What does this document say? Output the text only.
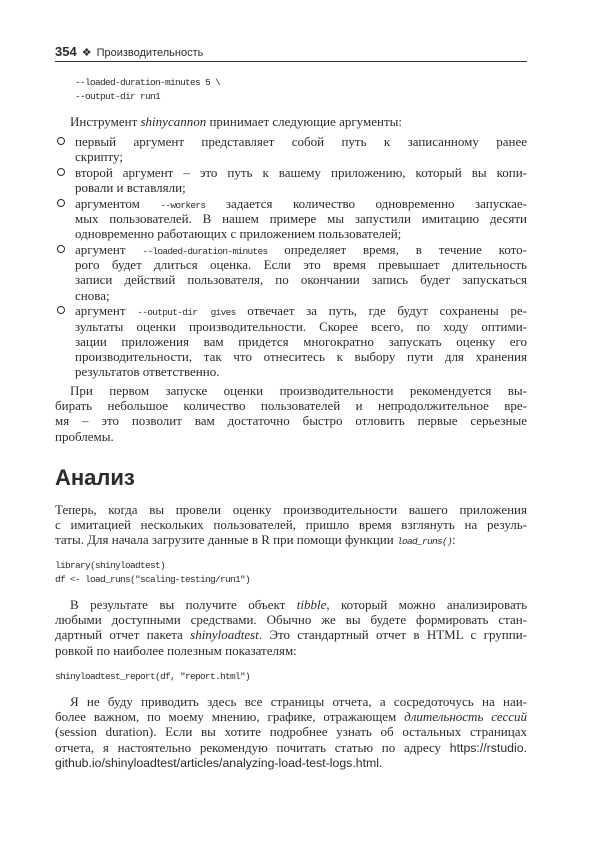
354 ❖ Производительность
--loaded-duration-minutes 5 \
--output-dir run1
Инструмент shinycannon принимает следующие аргументы:
первый аргумент представляет собой путь к записанному ранее
скрипту;
второй аргумент – это путь к вашему приложению, который вы копи-
ровали и вставляли;
аргументом --workers задается количество одновременно запускае-
мых пользователей. В нашем примере мы запустили имитацию десяти
одновременно работающих с приложением пользователей;
аргумент --loaded-duration-minutes определяет время, в течение кото-
рого будет длиться оценка. Если это время превышает длительность
записи действий пользователя, по окончании запись будет запускаться
снова;
аргумент --output-dir gives отвечает за путь, где будут сохранены ре-
зультаты оценки производительности. Скорее всего, по ходу оптими-
зации приложения вам придется многократно запускать оценку его
производительности, так что отнеситесь к выбору пути для хранения
результатов ответственно.
При первом запуске оценки производительности рекомендуется вы-
бирать небольшое количество пользователей и непродолжительное вре-
мя – это позволит вам достаточно быстро отловить первые серьезные
проблемы.
Анализ
Теперь, когда вы провели оценку производительности вашего приложения
с имитацией нескольких пользователей, пришло время взглянуть на резуль-
таты. Для начала загрузите данные в R при помощи функции load_runs():
library(shinyloadtest)
df <- load_runs("scaling-testing/run1")
В результате вы получите объект tibble, который можно анализировать
любыми доступными средствами. Обычно же вы будете формировать стан-
дартный отчет пакета shinyloadtest. Это стандартный отчет в HTML с группи-
ровкой по наиболее полезным показателям:
shinyloadtest_report(df, "report.html")
Я не буду приводить здесь все страницы отчета, а сосредоточусь на наи-
более важном, по моему мнению, графике, отражающем длительность сессий
(session duration). Если вы хотите подробнее узнать об остальных страницах
отчета, я настоятельно рекомендую почитать статью по адресу https://rstudio.
github.io/shinyloadtest/articles/analyzing-load-test-logs.html.
